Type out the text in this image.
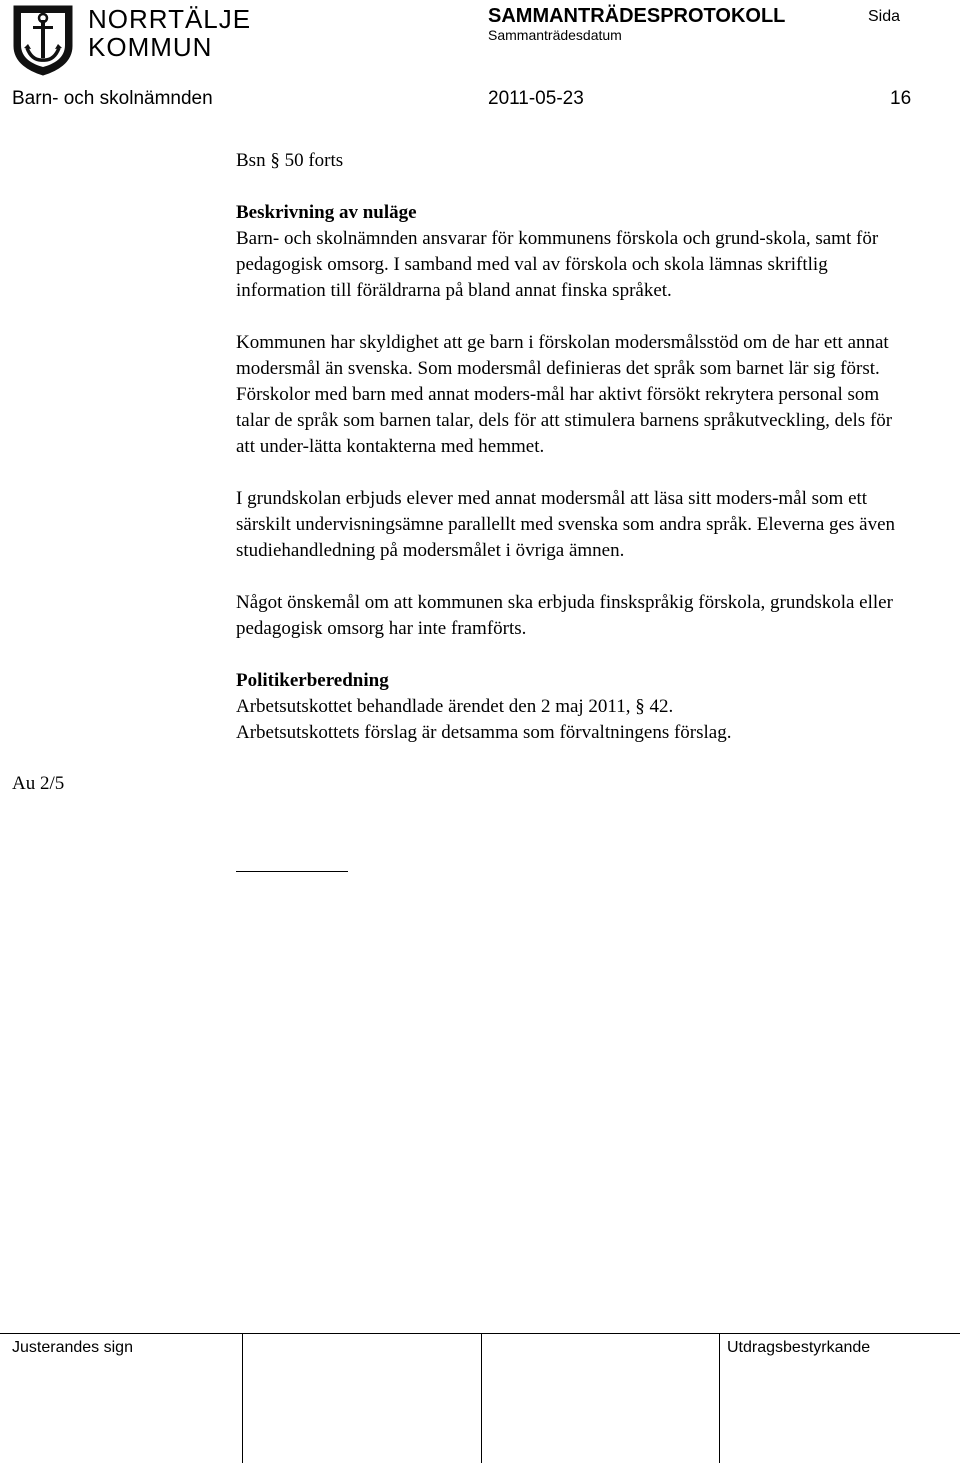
NORRTÄLJE
KOMMUN
SAMMANTRÄDESPROTOKOLL
Sammanträdesdatum
Sida
Barn- och skolnämnden	2011-05-23	16

Bsn § 50 forts

Beskrivning av nuläge

Barn- och skolnämnden ansvarar för kommunens förskola och grund-skola, samt för pedagogisk omsorg. I samband med val av förskola och skola lämnas skriftlig information till föräldrarna på bland annat finska språket.

Kommunen har skyldighet att ge barn i förskolan modersmålsstöd om de har ett annat modersmål än svenska. Som modersmål definieras det språk som barnet lär sig först. Förskolor med barn med annat moders-mål har aktivt försökt rekrytera personal som talar de språk som barnen talar, dels för att stimulera barnens språkutveckling, dels för att under-lätta kontakterna med hemmet.

I grundskolan erbjuds elever med annat modersmål att läsa sitt moders-mål som ett särskilt undervisningsämne parallellt med svenska som andra språk. Eleverna ges även studiehandledning på modersmålet i övriga ämnen.

Något önskemål om att kommunen ska erbjuda finskspråkig förskola, grundskola eller pedagogisk omsorg har inte framförts.

Politikerberedning

Arbetsutskottet behandlade ärendet den 2 maj 2011, § 42.

Arbetsutskottets förslag är detsamma som förvaltningens förslag.

Au 2/5
Justerandes sign	Utdragsbestyrkande
